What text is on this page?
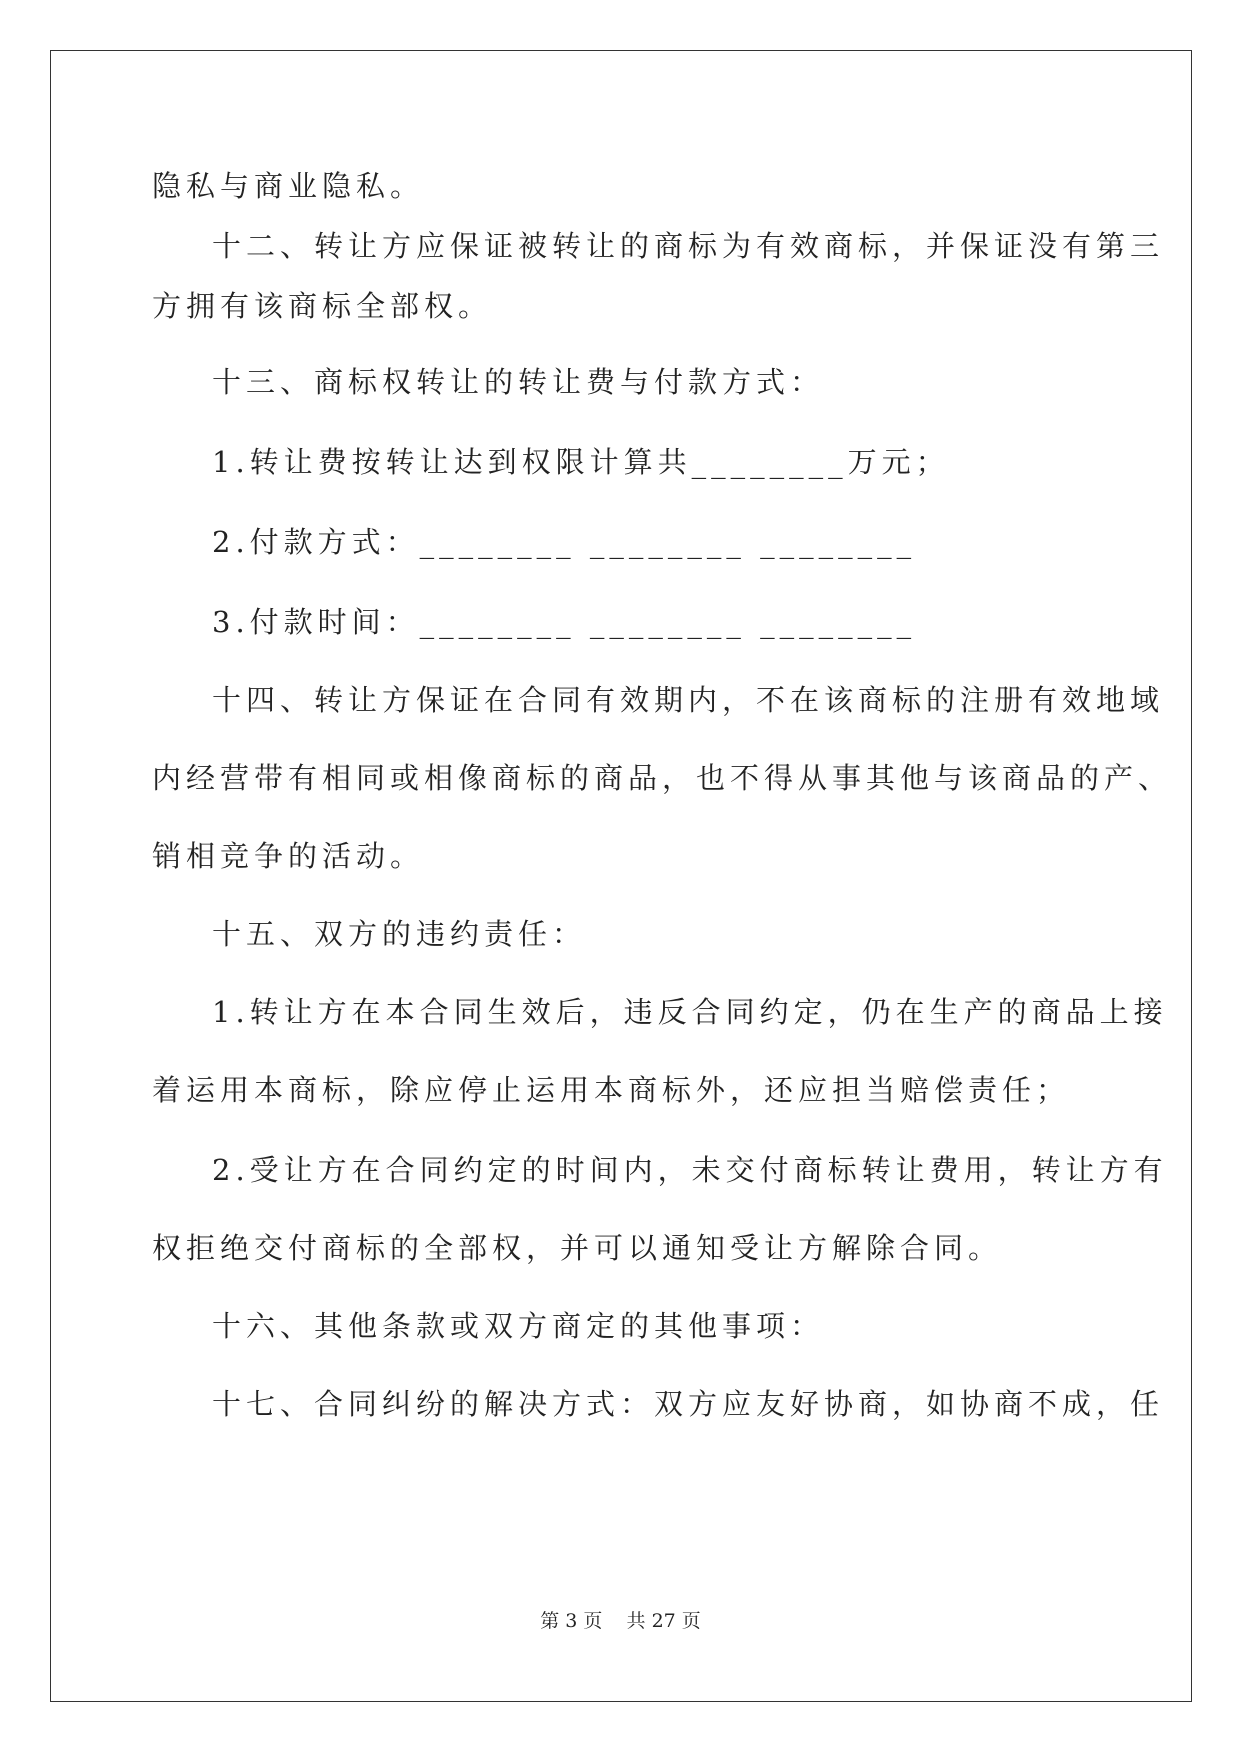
隐私与商业隐私。
十二、转让方应保证被转让的商标为有效商标，并保证没有第三
方拥有该商标全部权。
十三、商标权转让的转让费与付款方式：
1.转让费按转让达到权限计算共________万元；
2.付款方式：________ ________ ________
3.付款时间：________ ________ ________
十四、转让方保证在合同有效期内，不在该商标的注册有效地域
内经营带有相同或相像商标的商品，也不得从事其他与该商品的产、
销相竞争的活动。
十五、双方的违约责任：
1.转让方在本合同生效后，违反合同约定，仍在生产的商品上接
着运用本商标，除应停止运用本商标外，还应担当赔偿责任；
2.受让方在合同约定的时间内，未交付商标转让费用，转让方有
权拒绝交付商标的全部权，并可以通知受让方解除合同。
十六、其他条款或双方商定的其他事项：
十七、合同纠纷的解决方式：双方应友好协商，如协商不成，任
第 3 页 共 27 页
